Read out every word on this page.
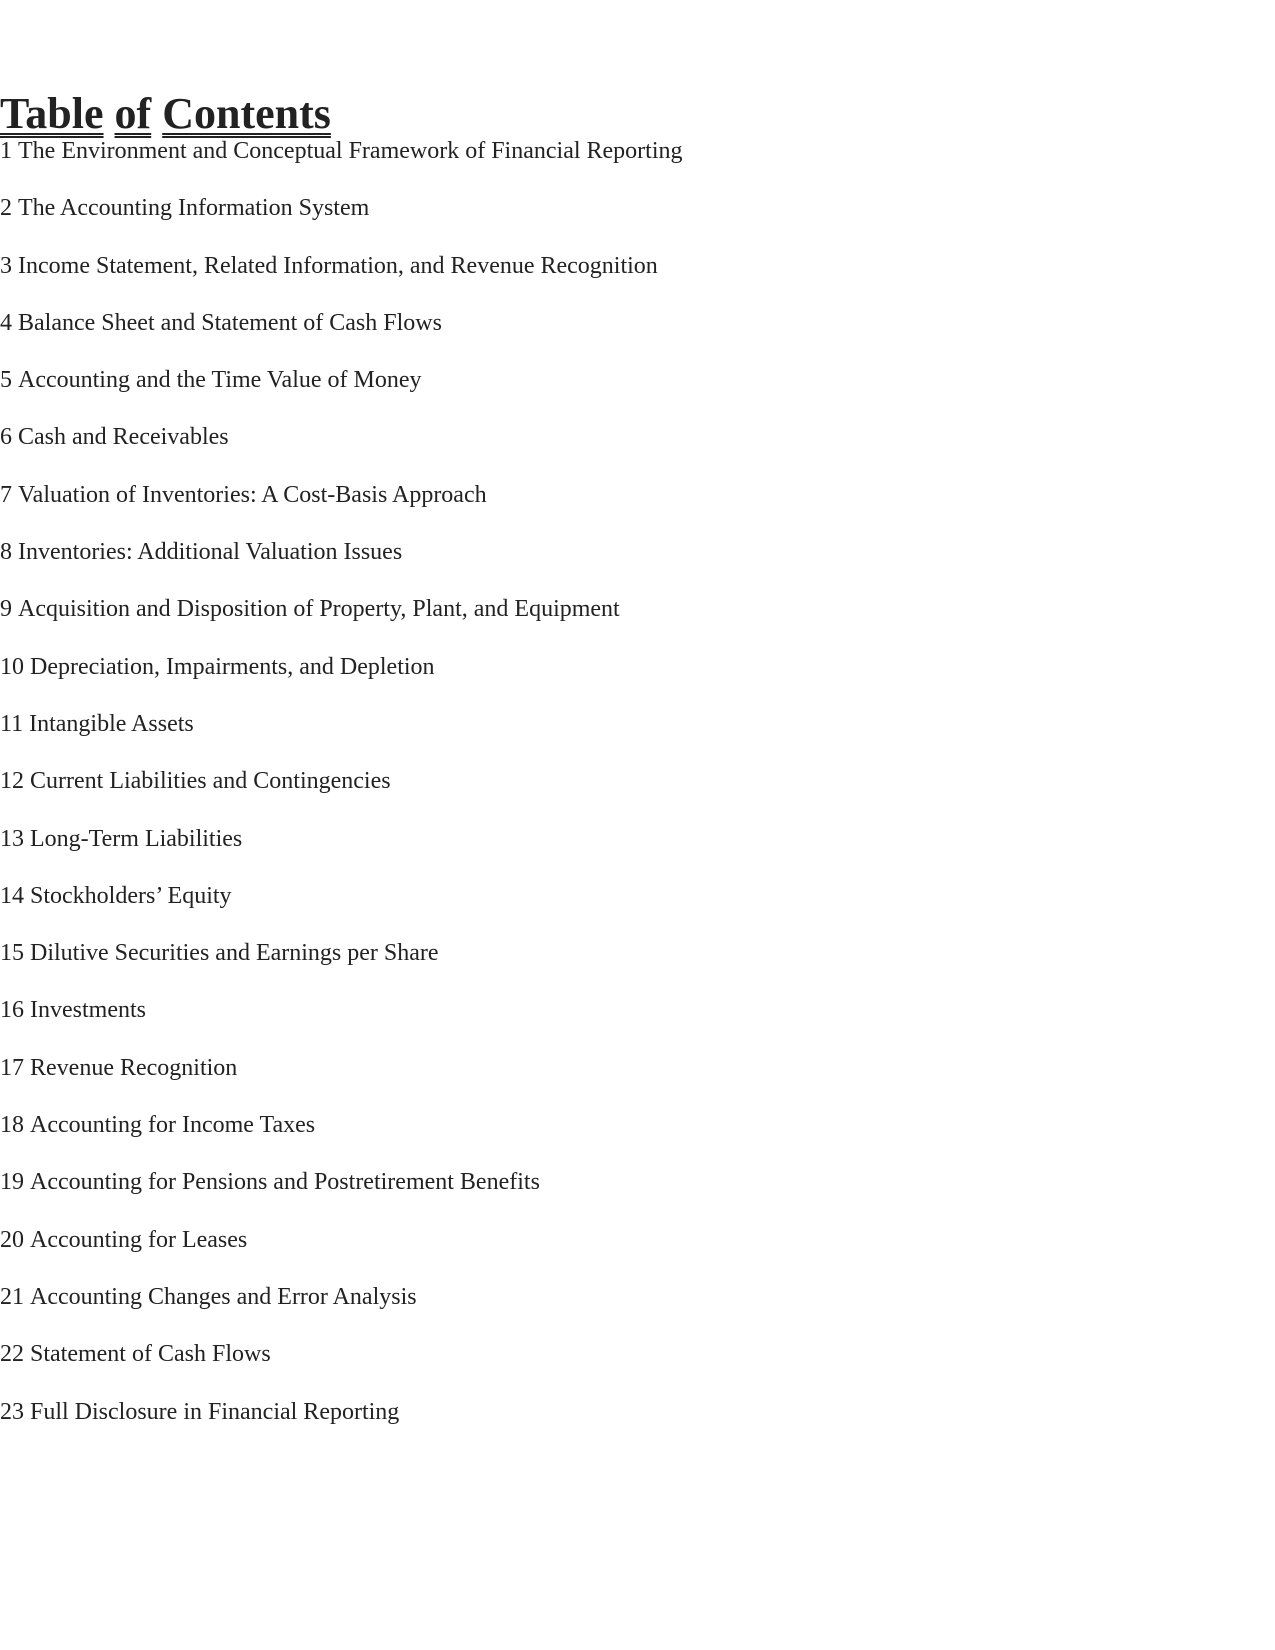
Table of Contents
1 The Environment and Conceptual Framework of Financial Reporting
2 The Accounting Information System
3 Income Statement, Related Information, and Revenue Recognition
4 Balance Sheet and Statement of Cash Flows
5 Accounting and the Time Value of Money
6 Cash and Receivables
7 Valuation of Inventories: A Cost-Basis Approach
8 Inventories: Additional Valuation Issues
9 Acquisition and Disposition of Property, Plant, and Equipment
10 Depreciation, Impairments, and Depletion
11 Intangible Assets
12 Current Liabilities and Contingencies
13 Long-Term Liabilities
14 Stockholders’ Equity
15 Dilutive Securities and Earnings per Share
16 Investments
17 Revenue Recognition
18 Accounting for Income Taxes
19 Accounting for Pensions and Postretirement Benefits
20 Accounting for Leases
21 Accounting Changes and Error Analysis
22 Statement of Cash Flows
23 Full Disclosure in Financial Reporting
